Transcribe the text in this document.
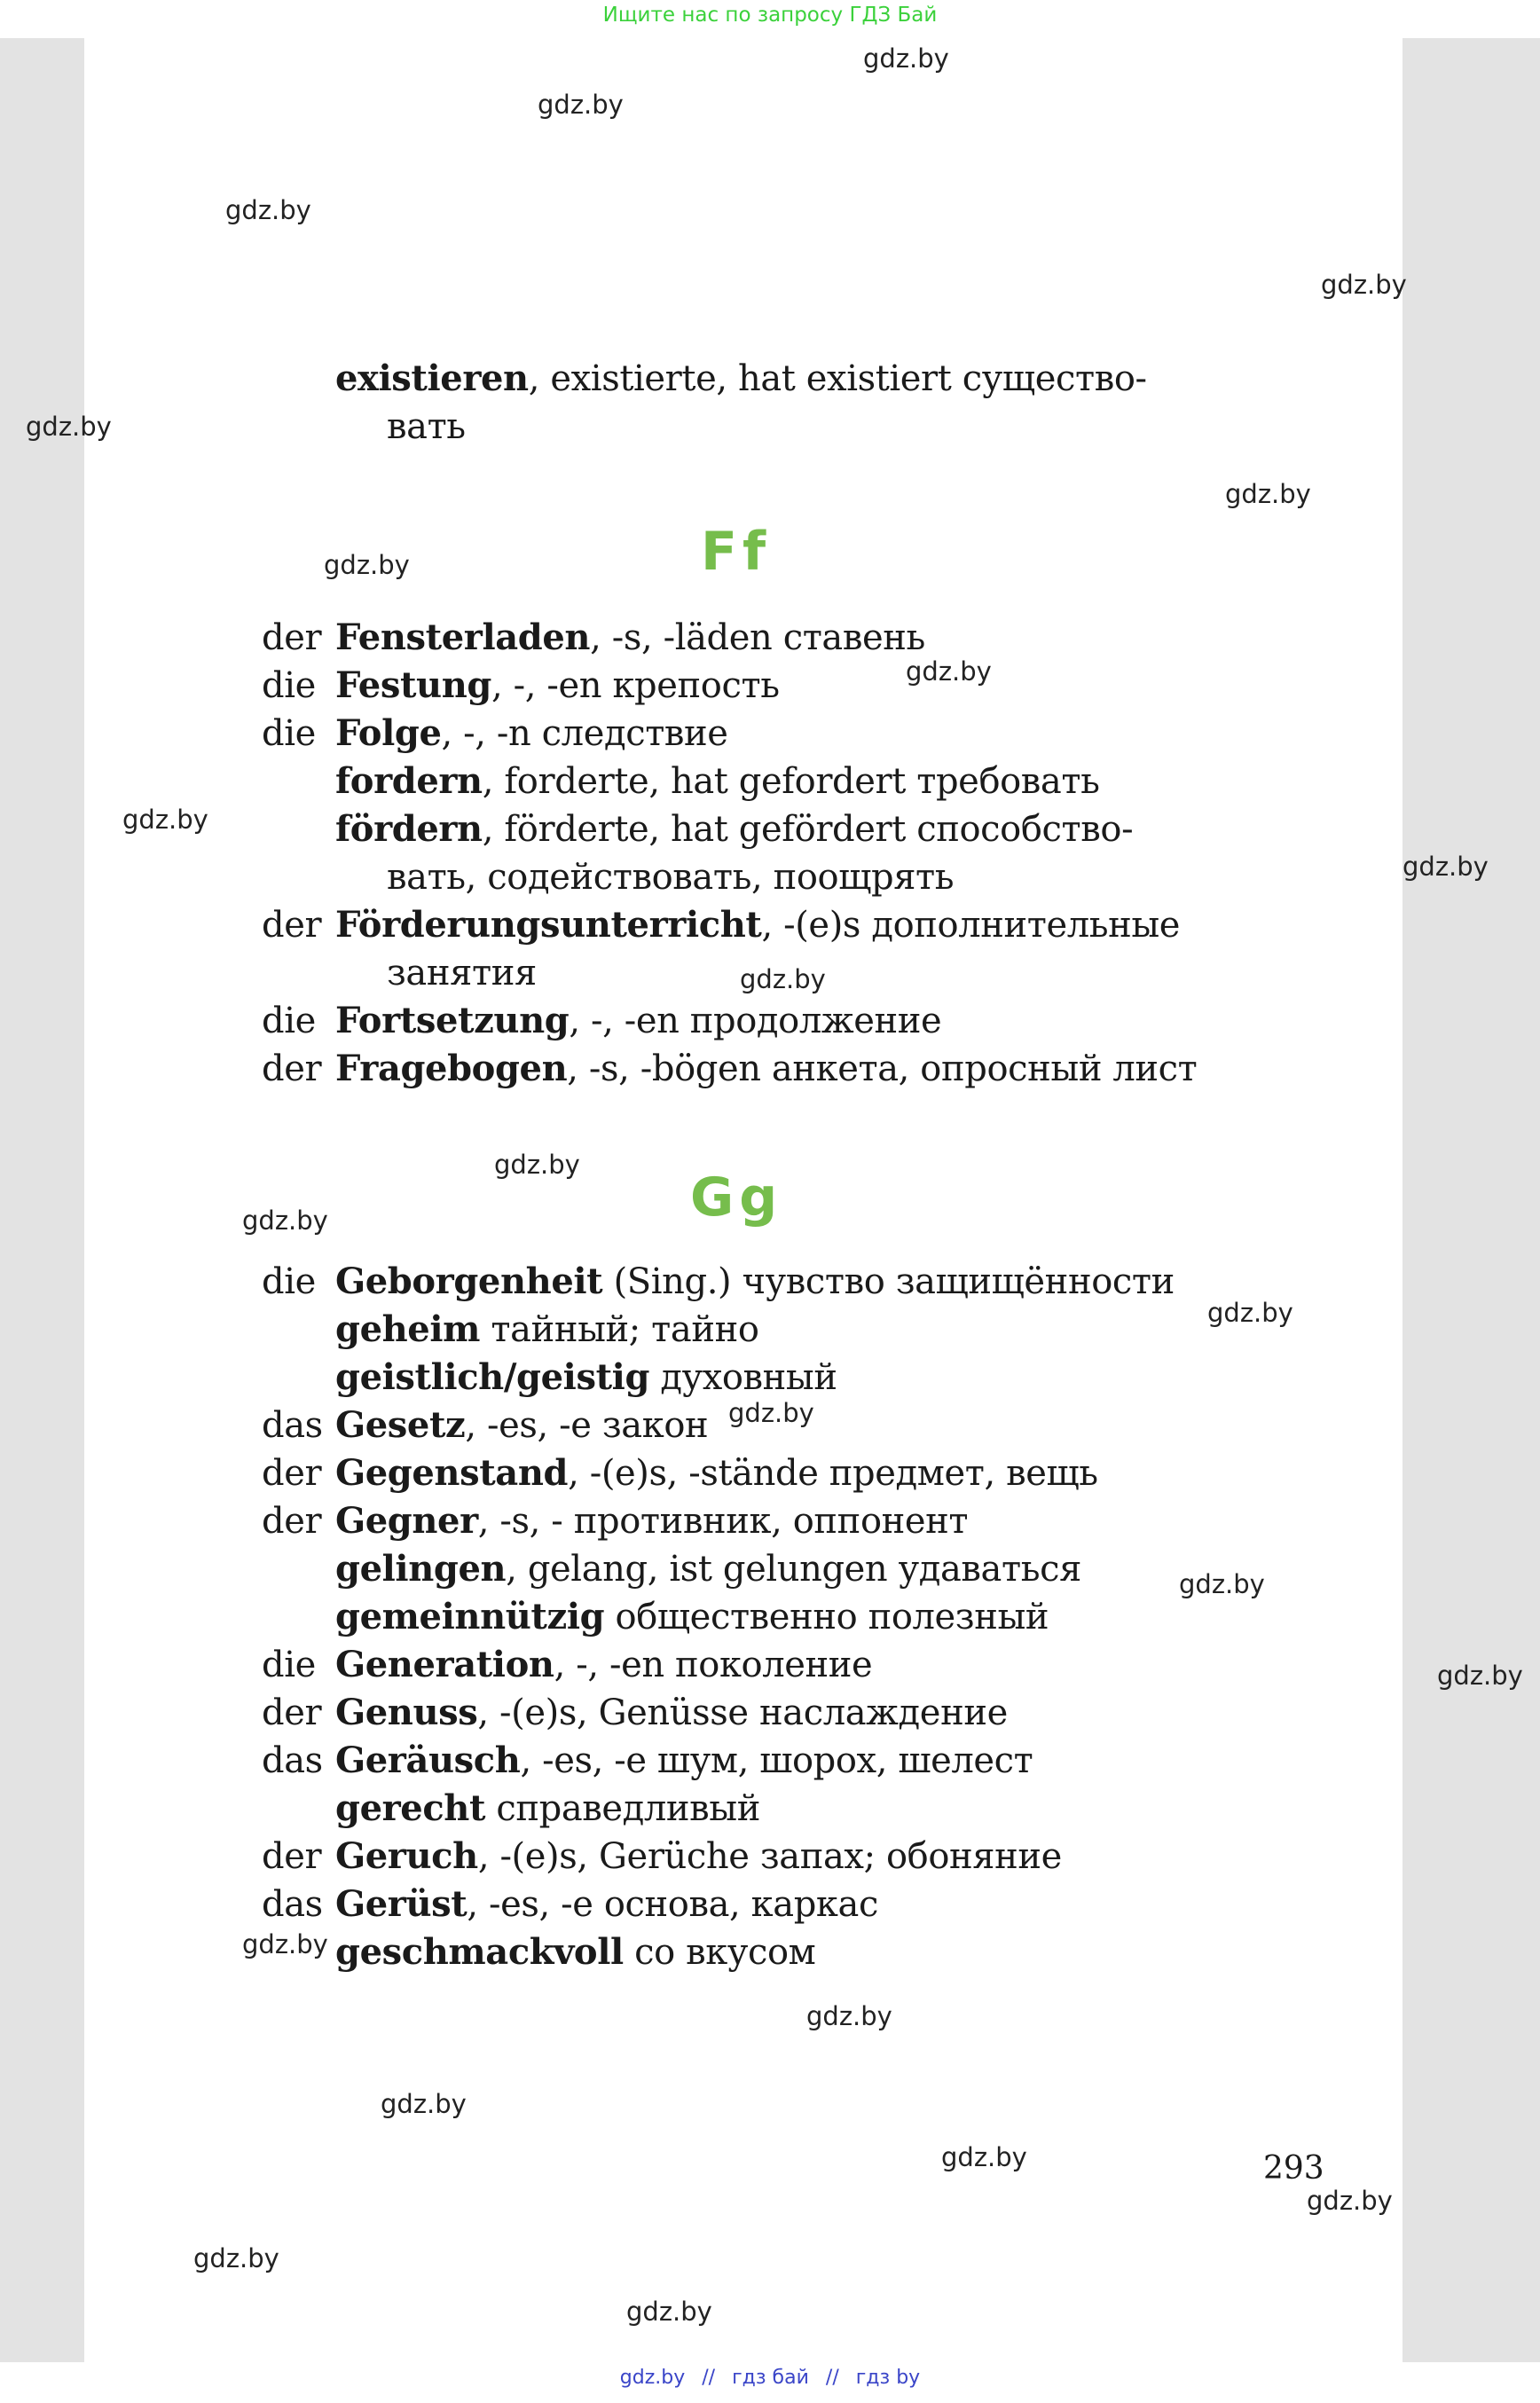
Ищите нас по запросу ГДЗ Бай
existieren, existierte, hat existiert существо-
вать
der Fensterladen, -s, -läden ставень
die Festung, -, -en крепость
die Folge, -, -n следствие
fordern, forderte, hat gefordert требовать
fördern, förderte, hat gefördert способство-
вать, содействовать, поощрять
der Förderungsunterricht, -(e)s дополнительные
занятия
die Fortsetzung, -, -en продолжение
der Fragebogen, -s, -bögen анкета, опросный лист
die Geborgenheit (Sing.) чувство защищённости
geheim тайный; тайно
geistlich/geistig духовный
das Gesetz, -es, -e закон
der Gegenstand, -(e)s, -stände предмет, вещь
der Gegner, -s, - противник, оппонент
gelingen, gelang, ist gelungen удаваться
gemeinnützig общественно полезный
die Generation, -, -en поколение
der Genuss, -(e)s, Genüsse наслаждение
das Geräusch, -es, -e шум, шорох, шелест
gerecht справедливый
der Geruch, -(e)s, Gerüche запах; обоняние
das Gerüst, -es, -e основа, каркас
geschmackvoll со вкусом
Ff
Gg
293
gdz.by
gdz.by
gdz.by
gdz.by
gdz.by
gdz.by
gdz.by
gdz.by
gdz.by
gdz.by
gdz.by
gdz.by
gdz.by
gdz.by
gdz.by
gdz.by
gdz.by
gdz.by
gdz.by
gdz.by
gdz.by
gdz.by
gdz.by
gdz.by
gdz.by // гдз бай // гдз by
